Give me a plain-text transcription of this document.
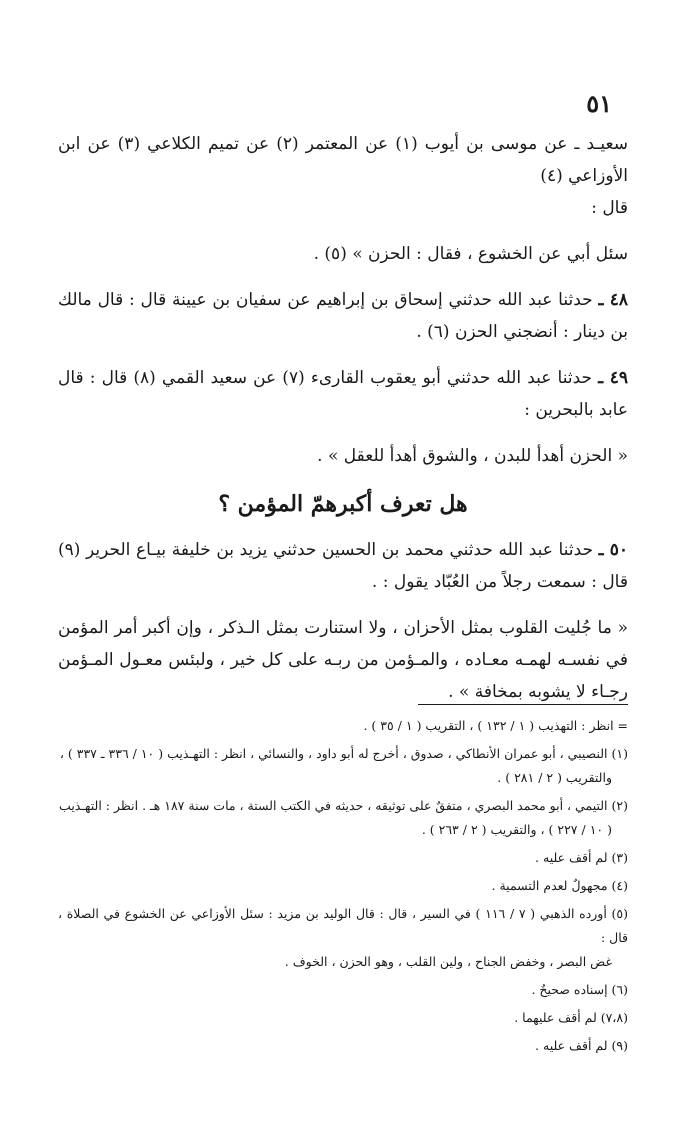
٥١

سعيـد ـ عن موسى بن أيوب (١) عن المعتمر (٢) عن تميم الكلاعي (٣) عن ابن الأوزاعي (٤)
قال :

سئل أبي عن الخشوع ، فقال : الحزن » (٥) .

٤٨ ـ حدثنا عبد الله حدثني إسحاق بن إبراهيم عن سفيان بن عيينة قال : قال مالك بن دينار : أنضجني الحزن (٦) .

٤٩ ـ حدثنا عبد الله حدثني أبو يعقوب القارىء (٧) عن سعيد القمي (٨) قال : قال عابد بالبحرين :

« الحزن أهدأ للبدن ، والشوق أهدأ للعقل » .

هل تعرف أكبرهمّ المؤمن ؟

٥٠ ـ حدثنا عبد الله حدثني محمد بن الحسين حدثني يزيد بن خليفة بيـاع الحرير (٩) قال : سمعت رجلاً من العُبّاد يقول : .

« ما جُليت القلوب بمثل الأحزان ، ولا استنارت بمثل الـذكر ، وإن أكبر أمر المؤمن في نفسـه لهمـه معـاده ، والمـؤمن من ربـه على كل خير ، ولبئس معـول المـؤمن رجـاء لا يشوبه بمخافة » .

= انظر : التهذيب ( ١ / ١٣٢ ) ، التقريب ( ١ / ٣٥ ) .

(١) النصيبي ، أبو عمران الأنطاكي ، صدوق ، أخرج له أبو داود ، والنسائي ، انظر : التهـذيب ( ١٠ / ٣٣٦ ـ ٣٣٧ ) ،
والتقريب ( ٢ / ٢٨١ ) .

(٢) التيمي ، أبو محمد البصري ، متفقٌ على توثيقه ، حديثه في الكتب الستة ، مات سنة ١٨٧ هـ . انظر : التهـذيب
( ١٠ / ٢٢٧ ) ، والتقريب ( ٢ / ٢٦٣ ) .

(٣) لم أقف عليه .

(٤) مجهولٌ لعدم التسمية .

(٥) أورده الذهبي ( ٧ / ١١٦ ) في السير ، قال : قال الوليد بن مزيد : سئل الأوزاعي عن الخشوع في الصلاة ، قال :
غض البصر ، وخفض الجناح ، ولين القلب ، وهو الحزن ، الخوف .

(٦) إسناده صحيحٌ .

(٧،٨) لم أقف عليهما .

(٩) لم أقف عليه .
